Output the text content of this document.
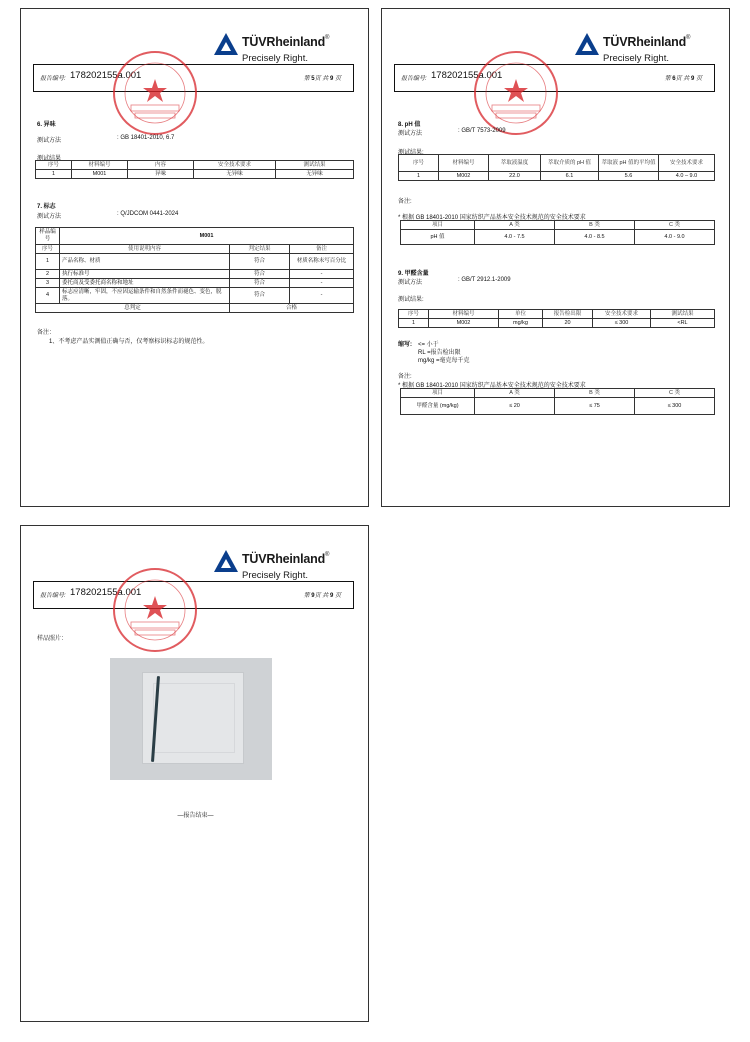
TÜVRheinland®
Precisely Right.
报告编号: 178202155a.001	第 5页 共 9 页
6. 异味
测试方法	: GB 18401-2010, 6.7
测试结果
序号	材料编号	内容	安全技术要求	测试结果
1	M001	异味	无异味	无异味
7. 标志
测试方法	: Q/JDCOM 0441-2024
样品编号	M001		
序号	使用说明内容	判定结果	备注
1	产品名称、材质	符合	材质名称未写百分比
2	执行标准号	符合	-
3	委托商及受委托商名称和地址	符合	-
4	标志应清晰，牢固，不应因运输条件和自然条件而褪色、变色，脱落。	符合	-
总判定		合格	
备注：
1、不考虑产品实测值正确与否，仅考察标识标志的规范性。
TÜVRheinland®
Precisely Right.
报告编号: 178202155a.001	第 6页 共 9 页
8. pH 值
测试方法	: GB/T 7573-2009
测试结果:
序号	材料编号	萃取液温度	萃取介质的 pH 值	萃取液 pH 值的平均值	安全技术要求
1	M002	22.0	6.1	5.6	4.0 – 9.0
备注:
* 根据 GB 18401-2010 国家纺织产品基本安全技术规范的安全技术要求
项目	A 类	B 类	C 类
pH 值	4.0 - 7.5	4.0 - 8.5	4.0 - 9.0
9. 甲醛含量
测试方法	: GB/T 2912.1-2009
测试结果:
序号	材料编号	单位	报告检出限	安全技术要求	测试结果
1	M002	mg/kg	20	≤ 300	<RL
缩写: <= 小于
RL =报告检出限
mg/kg =毫克每千克
备注:
* 根据 GB 18401-2010 国家纺织产品基本安全技术规范的安全技术要求
项目	A 类	B 类	C 类
甲醛含量 (mg/kg)	≤ 20	≤ 75	≤ 300
TÜVRheinland®
Precisely Right.
报告编号: 178202155a.001	第 9页 共 9 页
样品照片：
—报告结束—
